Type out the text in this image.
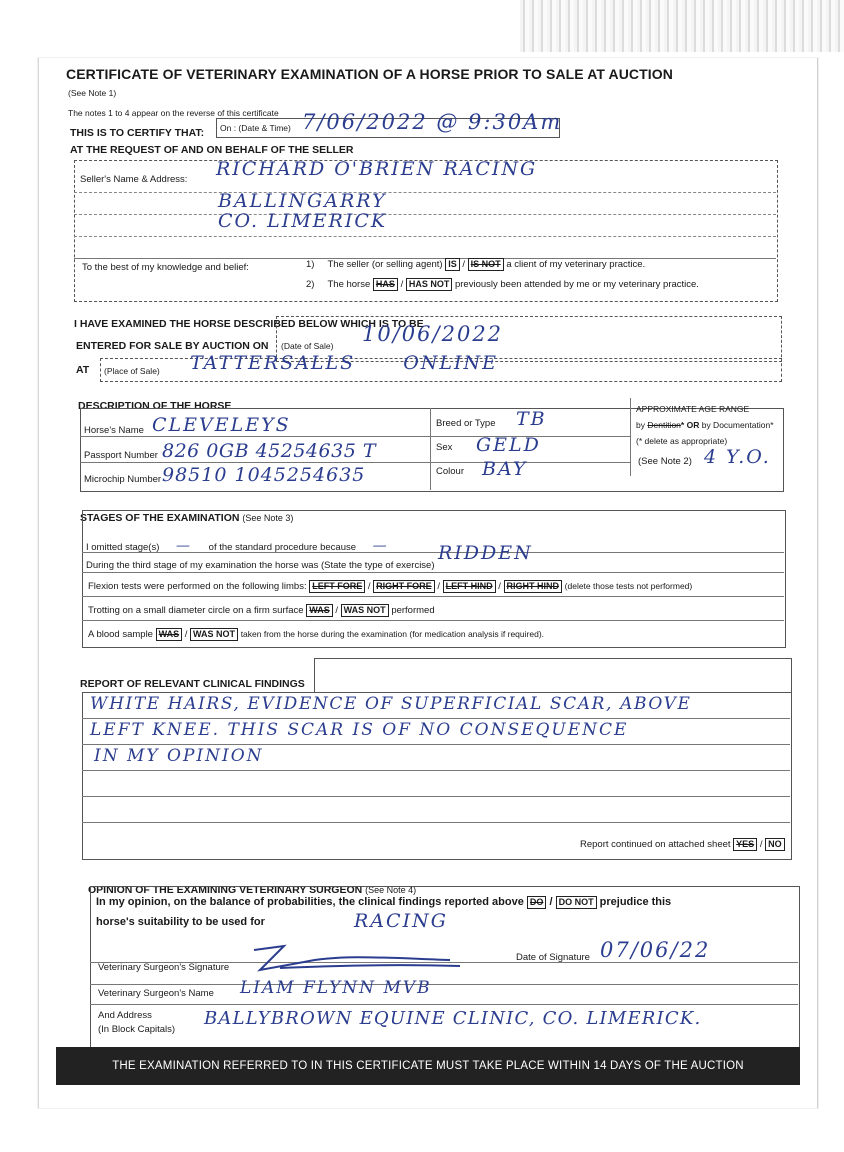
CERTIFICATE OF VETERINARY EXAMINATION OF A HORSE PRIOR TO SALE AT AUCTION
(See Note 1)
The notes 1 to 4 appear on the reverse of this certificate
THIS IS TO CERTIFY THAT: On : (Date & Time) 7/06/2022 @ 9:30Am
AT THE REQUEST OF AND ON BEHALF OF THE SELLER
Seller's Name & Address: RICHARD O'BRIEN RACING
BALLINGARRY
CO. LIMERICK
To the best of my knowledge and belief:	1) The seller (or selling agent) IS / IS NOT a client of my veterinary practice.
2) The horse HAS / HAS NOT previously been attended by me or my veterinary practice.
I HAVE EXAMINED THE HORSE DESCRIBED BELOW WHICH IS TO BE
ENTERED FOR SALE BY AUCTION ON (Date of Sale) 10/06/2022
AT (Place of Sale) TATTERSALLS ONLINE
DESCRIPTION OF THE HORSE
Horse's Name CLEVELEYS
Passport Number 826 0GB 45254635 T
Microchip Number 98510 1045254635
Breed or Type TB
Sex GELD
Colour BAY
APPROXIMATE AGE RANGE
by Dentition* OR by Documentation*
(* delete as appropriate)
(See Note 2) 4 Y.O.
STAGES OF THE EXAMINATION (See Note 3)
I omitted stage(s) — of the standard procedure because —
During the third stage of my examination the horse was (State the type of exercise)
RIDDEN
Flexion tests were performed on the following limbs: LEFT FORE / RIGHT FORE / LEFT HIND / RIGHT HIND (delete those tests not performed)
Trotting on a small diameter circle on a firm surface WAS / WAS NOT performed
A blood sample WAS / WAS NOT taken from the horse during the examination (for medication analysis if required).
REPORT OF RELEVANT CLINICAL FINDINGS
WHITE HAIRS, EVIDENCE OF SUPERFICIAL SCAR, ABOVE
LEFT KNEE. THIS SCAR IS OF NO CONSEQUENCE
IN MY OPINION
Report continued on attached sheet YES / NO
OPINION OF THE EXAMINING VETERINARY SURGEON (See Note 4)
In my opinion, on the balance of probabilities, the clinical findings reported above DO / DO NOT prejudice this
horse's suitability to be used for	RACING
Veterinary Surgeon's Signature
Date of Signature 07/06/22
Veterinary Surgeon's Name LIAM FLYNN MVB
And Address
(In Block Capitals)
BALLYBROWN EQUINE CLINIC, CO. LIMERICK.
THE EXAMINATION REFERRED TO IN THIS CERTIFICATE MUST TAKE PLACE WITHIN 14 DAYS OF THE AUCTION
